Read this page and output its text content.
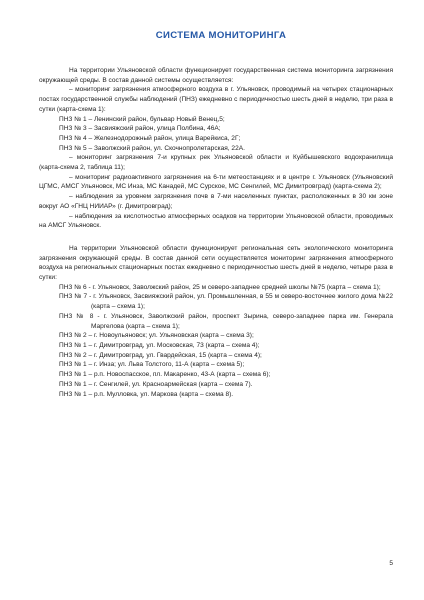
СИСТЕМА МОНИТОРИНГА

На территории Ульяновской области функционирует государственная система мониторинга загрязнения окружающей среды. В состав данной системы осуществляется:

– мониторинг загрязнения атмосферного воздуха в г. Ульяновск, проводимый на четырех стационарных постах государственной службы наблюдений (ПНЗ) ежедневно с периодичностью шесть дней в неделю, три раза в сутки (карта-схема 1):

ПНЗ № 1 – Ленинский район, бульвар Новый Венец,5;

ПНЗ № 3 – Засвияжский район, улица Полбина, 46А;

ПНЗ № 4 – Железнодорожный район, улица Варейкиса, 2Г;

ПНЗ № 5 – Заволжский район, ул. Скочнопролетарская, 22А.

– мониторинг загрязнения 7-и крупных рек Ульяновской области и Куйбышевского водохранилища (карта-схема 2, таблица 11);

– мониторинг радиоактивного загрязнения на 6-ти метеостанциях и в центре г. Ульяновск (Ульяновский ЦГМС, АМСГ Ульяновск, МС Инза, МС Канадей, МС Сурское, МС Сенгилей, МС Димитровград) (карта-схема 2);

– наблюдения за уровнем загрязнения почв в 7-ми населенных пунктах, расположенных в 30 км зоне вокруг АО «ГНЦ НИИАР» (г. Димитровград);

– наблюдения за кислотностью атмосферных осадков на территории Ульяновской области, проводимых на АМСГ Ульяновск.

На территории Ульяновской области функционирует региональная сеть экологического мониторинга загрязнения окружающей среды. В состав данной сети осуществляется мониторинг загрязнения атмосферного воздуха на региональных стационарных постах ежедневно с периодичностью шесть дней в неделю, четыре раза в сутки:

ПНЗ № 6 - г. Ульяновск, Заволжский район, 25 м северо-западнее средней школы №75 (карта – схема 1);

ПНЗ № 7 - г. Ульяновск, Засвияжский район, ул. Промышленная, в 55 м северо-восточнее жилого дома №22 (карта – схема 1);

ПНЗ № 8 - г. Ульяновск, Заволжский район, проспект Зырина, северо-западнее парка им. Генерала Маргелова (карта – схема 1);

ПНЗ № 2 – г. Новоульяновск; ул. Ульяновская (карта – схема 3);

ПНЗ № 1 – г. Димитровград, ул. Московская, 73 (карта – схема 4);

ПНЗ № 2 – г. Димитровград, ул. Гвардейская, 15 (карта – схема 4);

ПНЗ № 1 – г. Инза; ул. Льва Толстого, 11-А (карта – схема 5);

ПНЗ № 1 – р.п. Новоспасское, пл. Макаренко, 43-А (карта – схема 6);

ПНЗ № 1 – г. Сенгилей, ул. Красноармейская (карта – схема 7).

ПНЗ № 1 – р.п. Мулловка, ул. Маркова (карта – схема 8).

5
